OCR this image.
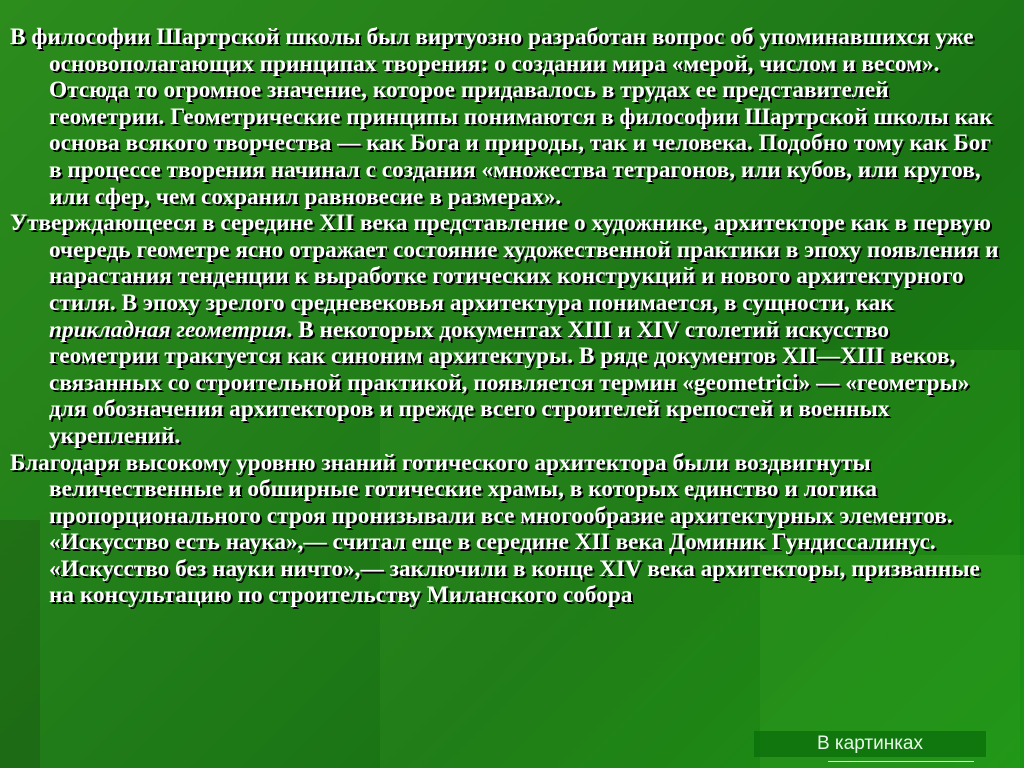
В философии Шартрской школы был виртуозно разработан вопрос об упоминавшихся уже основополагающих принципах творения: о создании мира «мерой, числом и весом». Отсюда то огромное значение, которое придавалось в трудах ее представителей геометрии. Геометрические принципы понимаются в философии Шартрской школы как основа всякого творчества — как Бога и природы, так и человека. Подобно тому как Бог в процессе творения начинал с создания «множества тетрагонов, или кубов, или кругов, или сфер, чем сохранил равновесие в размерах».

Утверждающееся в середине XII века представление о художнике, архитекторе как в первую очередь геометре ясно отражает состояние художественной практики в эпоху появления и нарастания тенденции к выработке готических конструкций и нового архитектурного стиля. В эпоху зрелого средневековья архитектура понимается, в сущности, как прикладная геометрия. В некоторых документах XIII и XIV столетий искусство геометрии трактуется как синоним архитектуры. В ряде документов XII—XIII веков, связанных со строительной практикой, появляется термин «geometrici» — «геометры» для обозначения архитекторов и прежде всего строителей крепостей и военных укреплений.

Благодаря высокому уровню знаний готического архитектора были воздвигнуты величественные и обширные готические храмы, в которых единство и логика пропорционального строя пронизывали все многообразие архитектурных элементов. «Искусство есть наука»,— считал еще в середине XII века Доминик Гундиссалинус. «Искусство без науки ничто»,— заключили в конце XIV века архитекторы, призванные на консультацию по строительству Миланского собора

В картинках
